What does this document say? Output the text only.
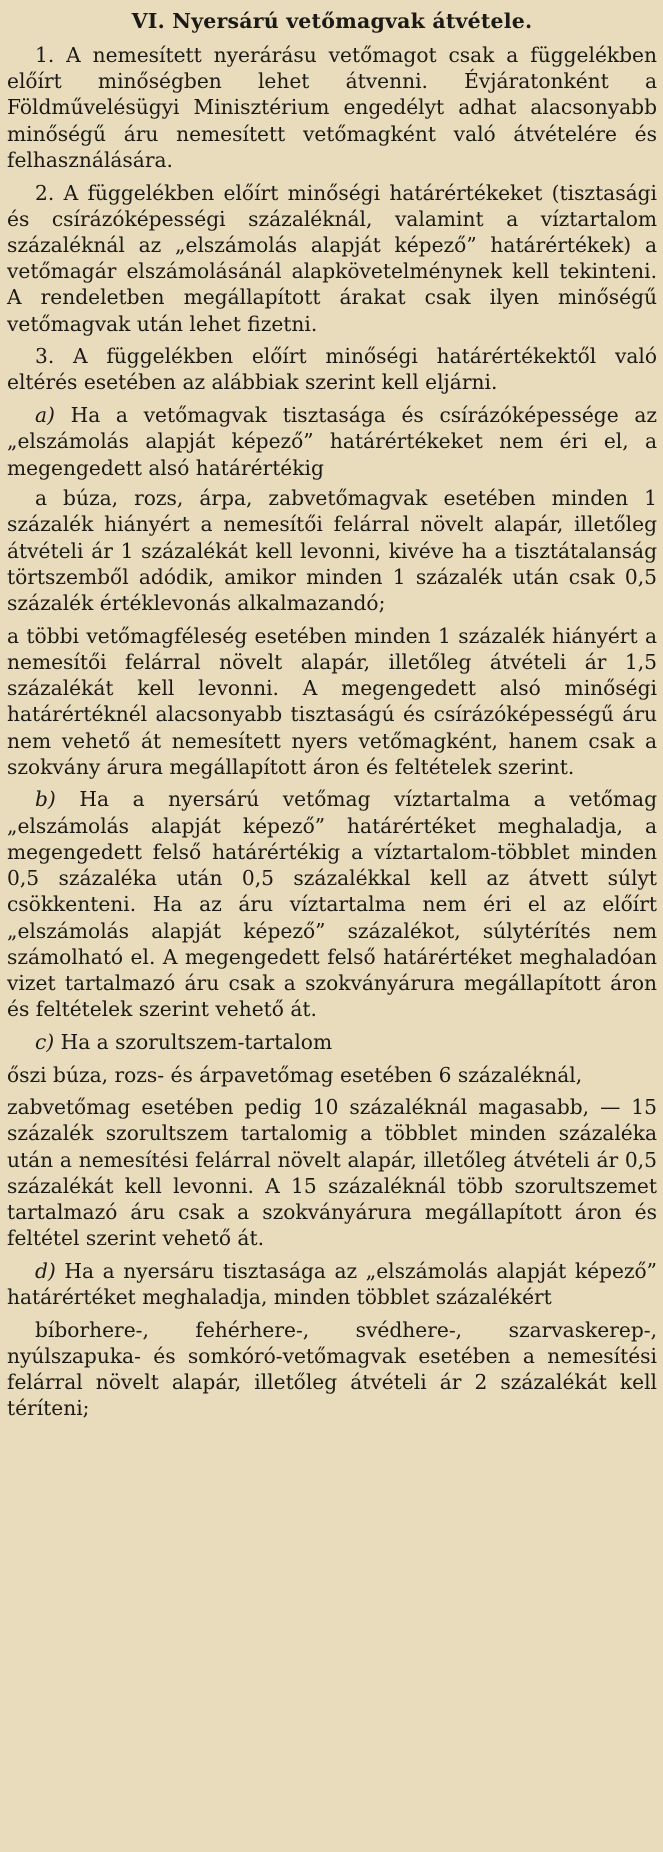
VI. Nyersárú vetőmagvak átvétele.

1. A nemesített nyerárásu vetőmagot csak a függelékben előírt minőségben lehet átvenni. Évjáratonként a Földművelésügyi Minisztérium engedélyt adhat alacsonyabb minőségű áru nemesített vetőmagként való átvételére és felhasználására.

2. A függelékben előírt minőségi határértékeket (tisztasági és csírázóképességi százaléknál, valamint a víztartalom százaléknál az „elszámolás alapját képező” határértékek) a vetőmagár elszámolásánál alapkövetelménynek kell tekinteni. A rendeletben megállapított árakat csak ilyen minőségű vetőmagvak után lehet fizetni.

3. A függelékben előírt minőségi határértékektől való eltérés esetében az alábbiak szerint kell eljárni.

a) Ha a vetőmagvak tisztasága és csírázóképessége az „elszámolás alapját képező” határértékeket nem éri el, a megengedett alsó határértékig

a búza, rozs, árpa, zabvetőmagvak esetében minden 1 százalék hiányért a nemesítői felárral növelt alapár, illetőleg átvételi ár 1 százalékát kell levonni, kivéve ha a tisztátalanság törtszemből adódik, amikor minden 1 százalék után csak 0,5 százalék értéklevonás alkalmazandó;

a többi vetőmagféleség esetében minden 1 százalék hiányért a nemesítői felárral növelt alapár, illetőleg átvételi ár 1,5 százalékát kell levonni. A megengedett alsó minőségi határértéknél alacsonyabb tisztaságú és csírázóképességű áru nem vehető át nemesített nyers vetőmagként, hanem csak a szokvány árura megállapított áron és feltételek szerint.

b) Ha a nyersárú vetőmag víztartalma a vetőmag „elszámolás alapját képező” határértéket meghaladja, a megengedett felső határértékig a víztartalom-többlet minden 0,5 százaléka után 0,5 százalékkal kell az átvett súlyt csökkenteni. Ha az áru víztartalma nem éri el az előírt „elszámolás alapját képező” százalékot, súlytérítés nem számolható el. A megengedett felső határértéket meghaladóan vizet tartalmazó áru csak a szokványárura megállapított áron és feltételek szerint vehető át.

c) Ha a szorultszem-tartalom

őszi búza, rozs- és árpavetőmag esetében 6 százaléknál,

zabvetőmag esetében pedig 10 százaléknál magasabb, — 15 százalék szorultszem tartalomig a többlet minden százaléka után a nemesítési felárral növelt alapár, illetőleg átvételi ár 0,5 százalékát kell levonni. A 15 százaléknál több szorultszemet tartalmazó áru csak a szokványárura megállapított áron és feltétel szerint vehető át.

d) Ha a nyersáru tisztasága az „elszámolás alapját képező” határértéket meghaladja, minden többlet százalékért

bíborhere-, fehérhere-, svédhere-, szarvaskerep-, nyúlszapuka- és somkóró-vetőmagvak esetében a nemesítési felárral növelt alapár, illetőleg átvételi ár 2 százalékát kell téríteni;
